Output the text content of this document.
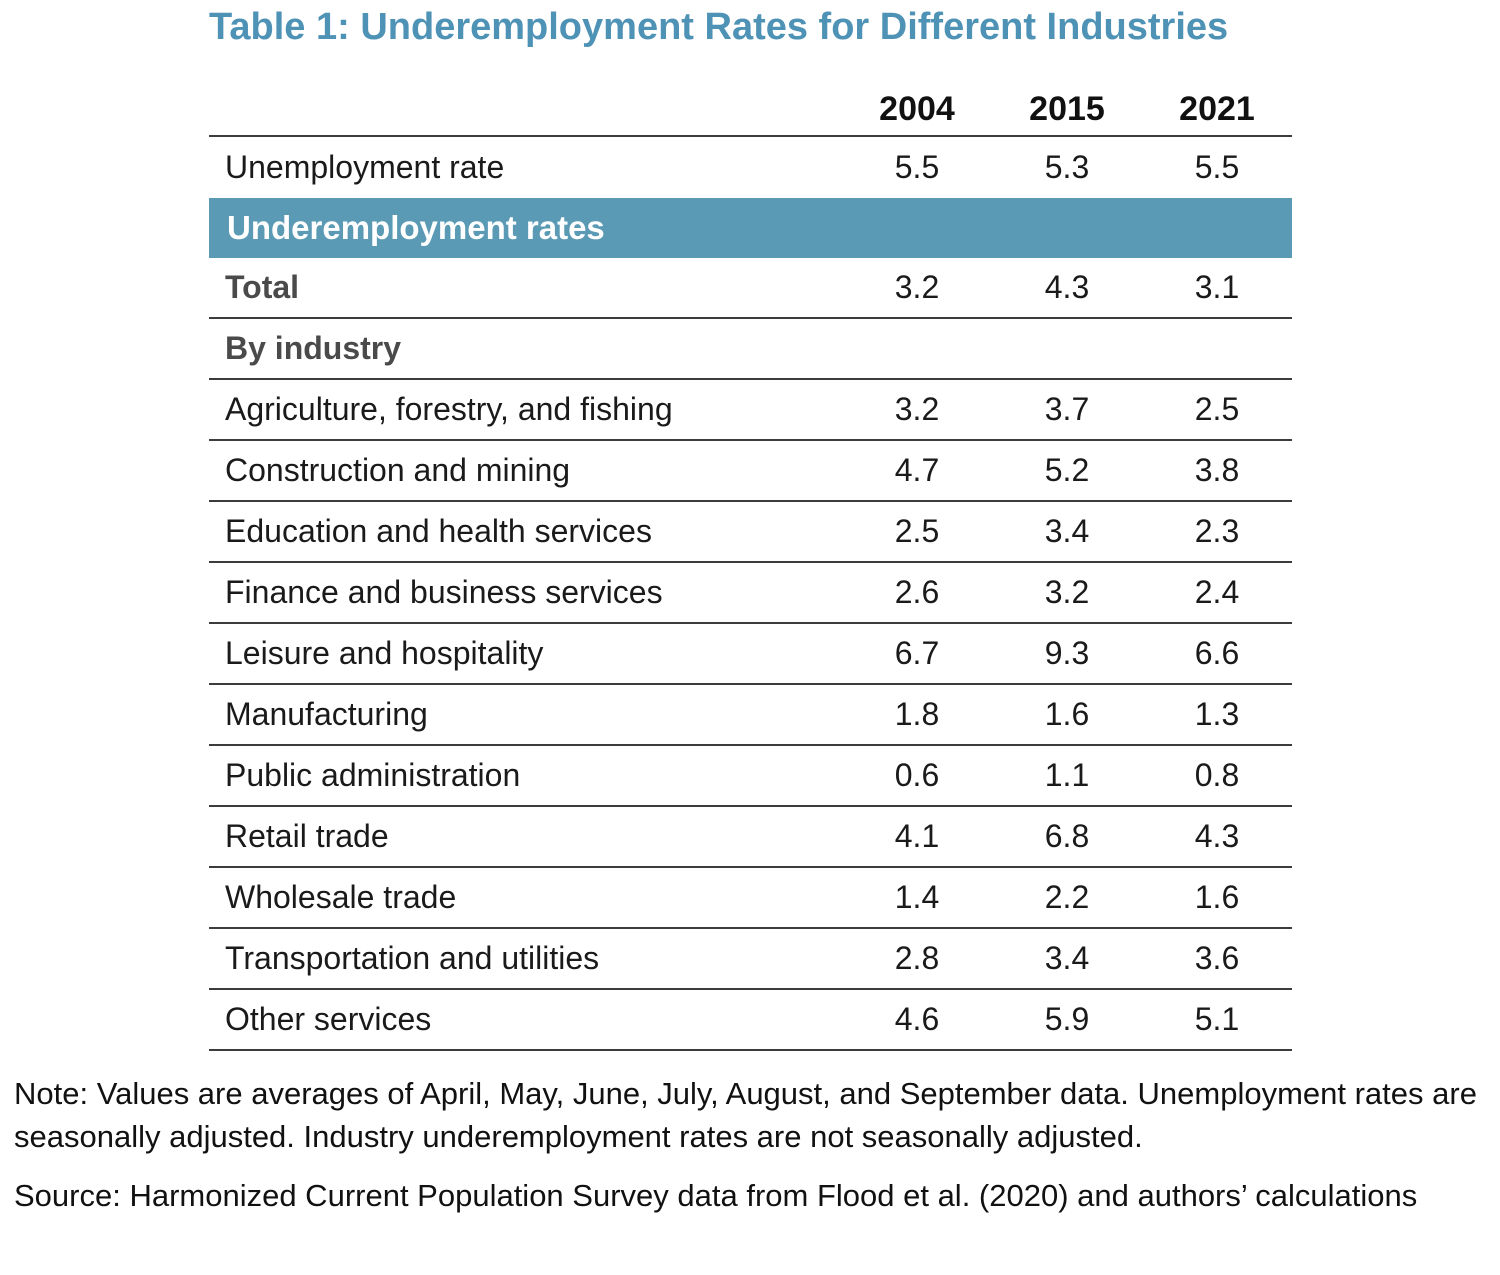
Table 1: Underemployment Rates for Different Industries
2004	2015	2021
Unemployment rate	5.5	5.3	5.5
Underemployment rates
Total	3.2	4.3	3.1
By industry
Agriculture, forestry, and fishing	3.2	3.7	2.5
Construction and mining	4.7	5.2	3.8
Education and health services	2.5	3.4	2.3
Finance and business services	2.6	3.2	2.4
Leisure and hospitality	6.7	9.3	6.6
Manufacturing	1.8	1.6	1.3
Public administration	0.6	1.1	0.8
Retail trade	4.1	6.8	4.3
Wholesale trade	1.4	2.2	1.6
Transportation and utilities	2.8	3.4	3.6
Other services	4.6	5.9	5.1

Note: Values are averages of April, May, June, July, August, and September data. Unemployment rates are seasonally adjusted. Industry underemployment rates are not seasonally adjusted.

Source: Harmonized Current Population Survey data from Flood et al. (2020) and authors’ calculations
